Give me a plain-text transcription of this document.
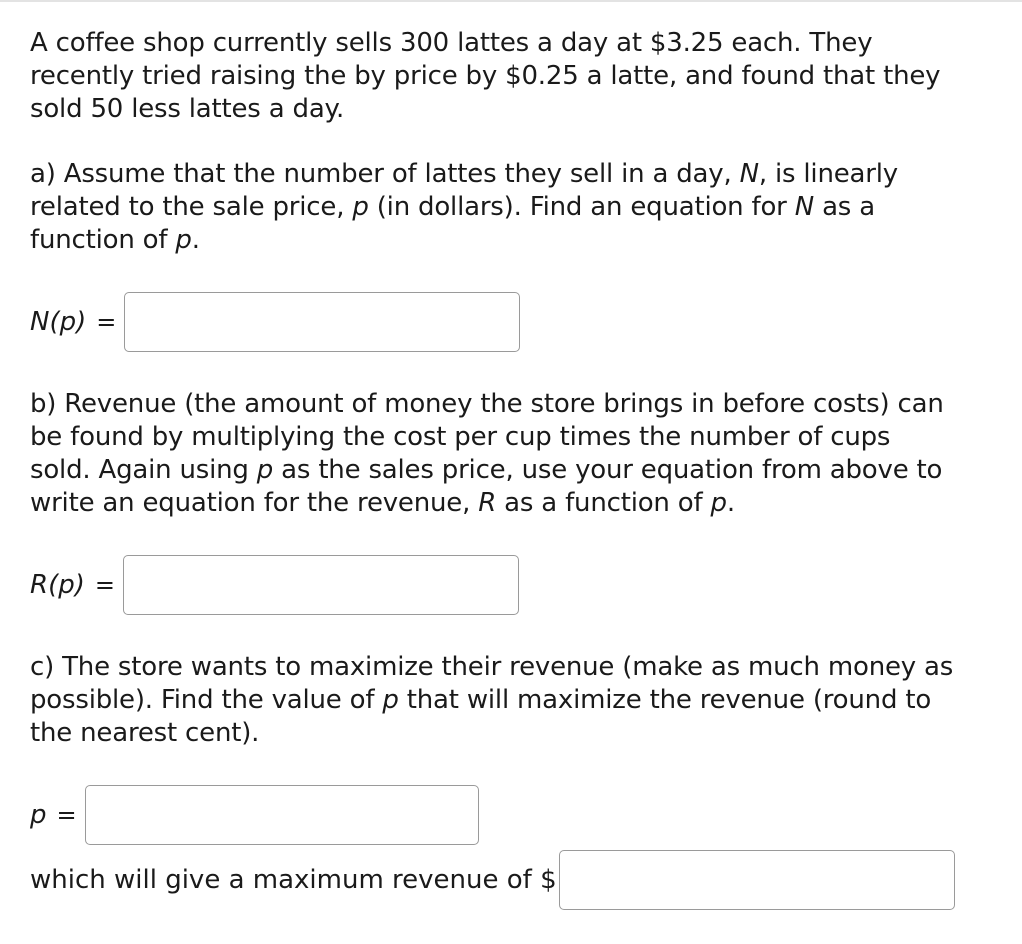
A coffee shop currently sells 300 lattes a day at $3.25 each. They
recently tried raising the by price by $0.25 a latte, and found that they
sold 50 less lattes a day.
a) Assume that the number of lattes they sell in a day, N, is linearly
related to the sale price, p (in dollars). Find an equation for N as a
function of p.
N(p) =
b) Revenue (the amount of money the store brings in before costs) can
be found by multiplying the cost per cup times the number of cups
sold. Again using p as the sales price, use your equation from above to
write an equation for the revenue, R as a function of p.
R(p) =
c) The store wants to maximize their revenue (make as much money as
possible). Find the value of p that will maximize the revenue (round to
the nearest cent).
p =
which will give a maximum revenue of $
